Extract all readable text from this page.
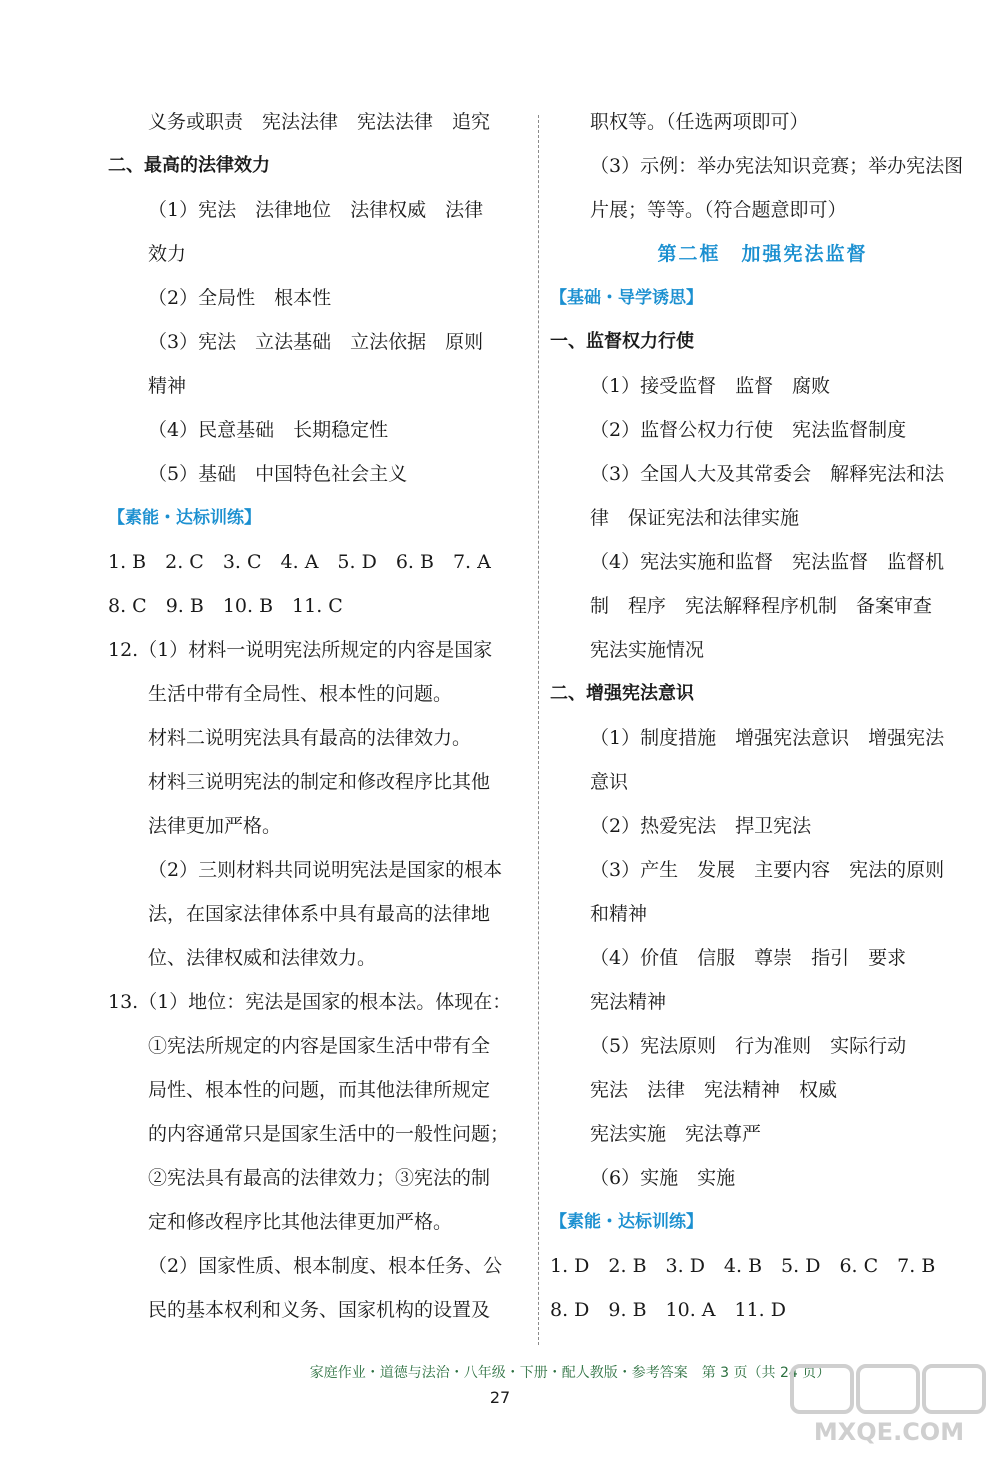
义务或职责　宪法法律　宪法法律　追究
二、最高的法律效力
（1）宪法　法律地位　法律权威　法律
效力
（2）全局性　根本性
（3）宪法　立法基础　立法依据　原则
精神
（4）民意基础　长期稳定性
（5）基础　中国特色社会主义
【素能・达标训练】
1. B　2. C　3. C　4. A　5. D　6. B　7. A
8. C　9. B　10. B　11. C
12.（1）材料一说明宪法所规定的内容是国家
生活中带有全局性、根本性的问题。
材料二说明宪法具有最高的法律效力。
材料三说明宪法的制定和修改程序比其他
法律更加严格。
（2）三则材料共同说明宪法是国家的根本
法，在国家法律体系中具有最高的法律地
位、法律权威和法律效力。
13.（1）地位：宪法是国家的根本法。体现在：
①宪法所规定的内容是国家生活中带有全
局性、根本性的问题，而其他法律所规定
的内容通常只是国家生活中的一般性问题；
②宪法具有最高的法律效力；③宪法的制
定和修改程序比其他法律更加严格。
（2）国家性质、根本制度、根本任务、公
民的基本权利和义务、国家机构的设置及
职权等。（任选两项即可）
（3）示例：举办宪法知识竞赛；举办宪法图
片展；等等。（符合题意即可）
第二框　加强宪法监督
【基础・导学诱思】
一、监督权力行使
（1）接受监督　监督　腐败
（2）监督公权力行使　宪法监督制度
（3）全国人大及其常委会　解释宪法和法
律　保证宪法和法律实施
（4）宪法实施和监督　宪法监督　监督机
制　程序　宪法解释程序机制　备案审查
宪法实施情况
二、增强宪法意识
（1）制度措施　增强宪法意识　增强宪法
意识
（2）热爱宪法　捍卫宪法
（3）产生　发展　主要内容　宪法的原则
和精神
（4）价值　信服　尊崇　指引　要求
宪法精神
（5）宪法原则　行为准则　实际行动
宪法　法律　宪法精神　权威
宪法实施　宪法尊严
（6）实施　实施
【素能・达标训练】
1. D　2. B　3. D　4. B　5. D　6. C　7. B
8. D　9. B　10. A　11. D
家庭作业・道德与法治・八年级・下册・配人教版・参考答案　第 3 页（共 24 页）
27
MXQE.COM
